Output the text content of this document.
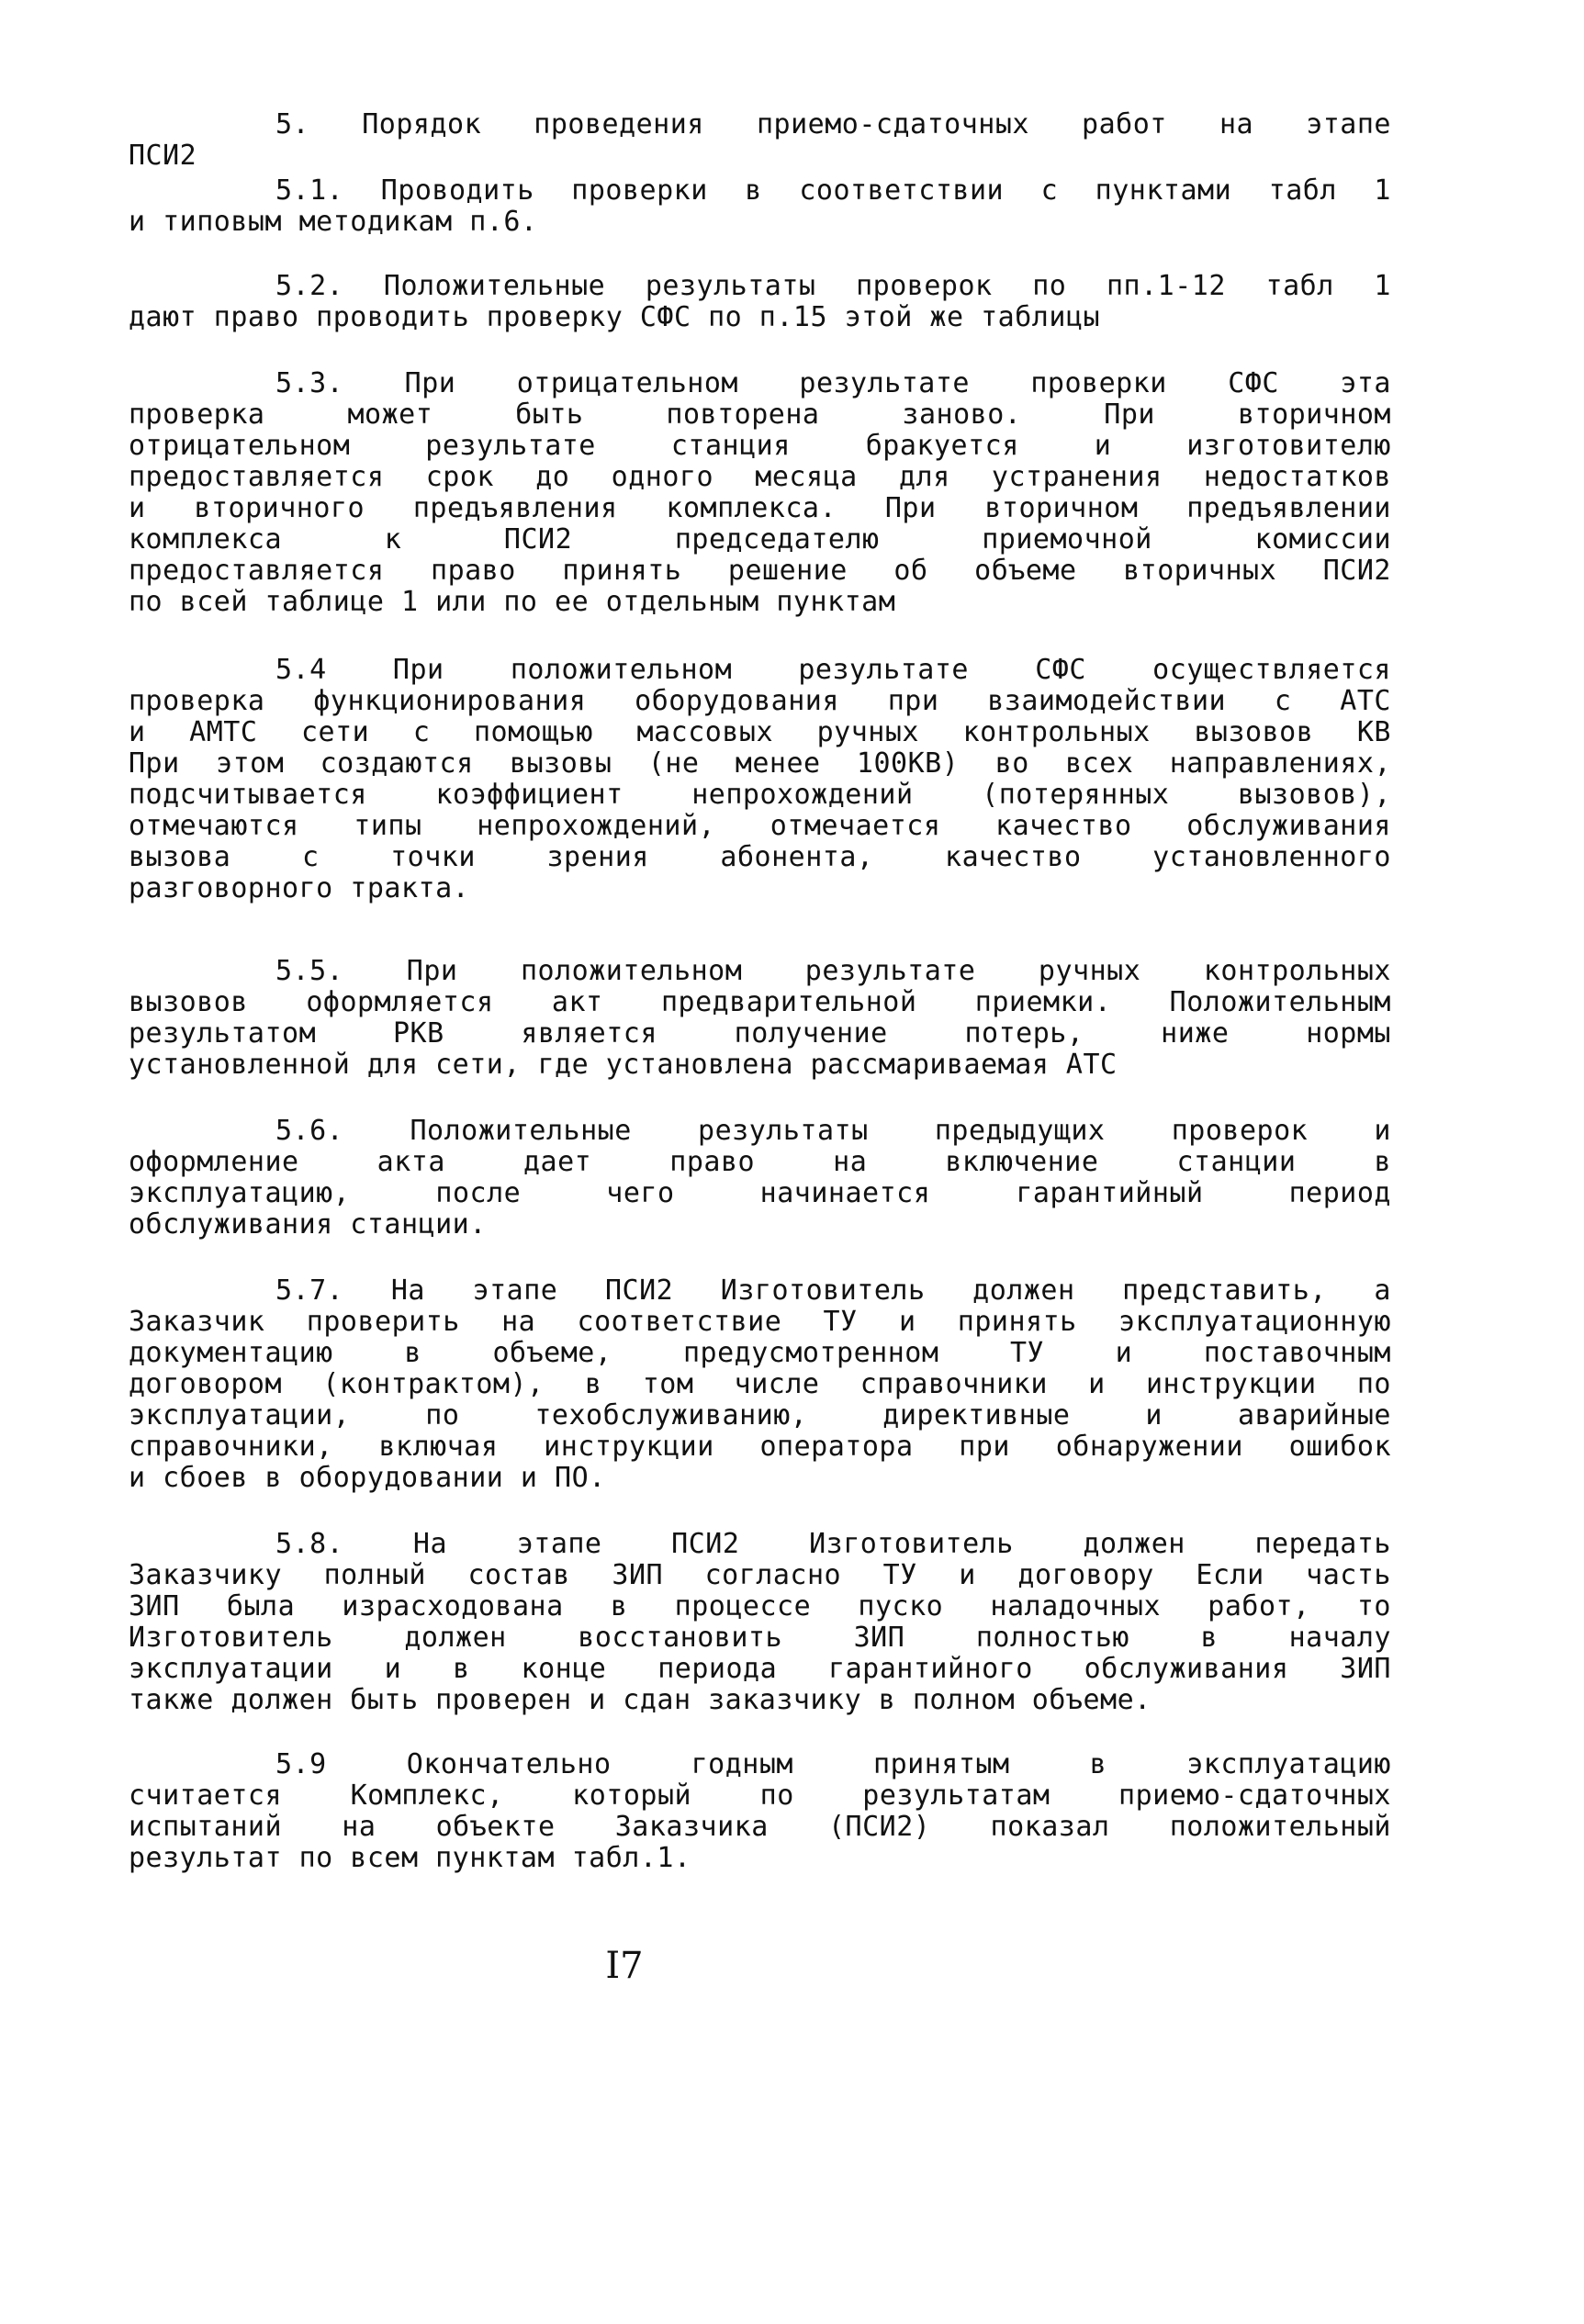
5. Порядок проведения приемо-сдаточных работ на этапе
ПСИ2
5.1. Проводить проверки в соответствии с пунктами табл 1
и типовым методикам п.6.
5.2. Положительные результаты проверок по пп.1-12 табл 1
дают право проводить проверку СФС по п.15 этой же таблицы
5.3. При отрицательном результате проверки СФС эта
проверка может быть повторена заново. При вторичном
отрицательном результате станция бракуется и изготовителю
предоставляется срок до одного месяца для устранения недостатков
и вторичного предъявления комплекса. При вторичном предъявлении
комплекса к ПСИ2 председателю приемочной комиссии
предоставляется право принять решение об объеме вторичных ПСИ2
по всей таблице 1 или по ее отдельным пунктам
5.4 При положительном результате СФС осуществляется
проверка функционирования оборудования при взаимодействии с АТС
и АМТС сети с помощью массовых ручных контрольных вызовов КВ
При этом создаются вызовы (не менее 100КВ) во всех направлениях,
подсчитывается коэффициент непрохождений (потерянных вызовов),
отмечаются типы непрохождений, отмечается качество обслуживания
вызова с точки зрения абонента, качество установленного
разговорного тракта.
5.5. При положительном результате ручных контрольных
вызовов оформляется акт предварительной приемки. Положительным
результатом РКВ является получение потерь, ниже нормы
установленной для сети, где установлена рассмариваемая АТС
5.6. Положительные результаты предыдущих проверок и
оформление акта дает право на включение станции в
эксплуатацию, после чего начинается гарантийный период
обслуживания станции.
5.7. На этапе ПСИ2 Изготовитель должен представить, а
Заказчик проверить на соответствие ТУ и принять эксплуатационную
документацию в объеме, предусмотренном ТУ и поставочным
договором (контрактом), в том числе справочники и инструкции по
эксплуатации, по техобслуживанию, директивные и аварийные
справочники, включая инструкции оператора при обнаружении ошибок
и сбоев в оборудовании и ПО.
5.8. На этапе ПСИ2 Изготовитель должен передать
Заказчику полный состав ЗИП согласно ТУ и договору Если часть
ЗИП была израсходована в процессе пуско наладочных работ, то
Изготовитель должен восстановить ЗИП полностью в началу
эксплуатации и в конце периода гарантийного обслуживания ЗИП
также должен быть проверен и сдан заказчику в полном объеме.
5.9 Окончательно годным принятым в эксплуатацию
считается Комплекс, который по результатам приемо-сдаточных
испытаний на объекте Заказчика (ПСИ2) показал положительный
результат по всем пунктам табл.1.
I7
